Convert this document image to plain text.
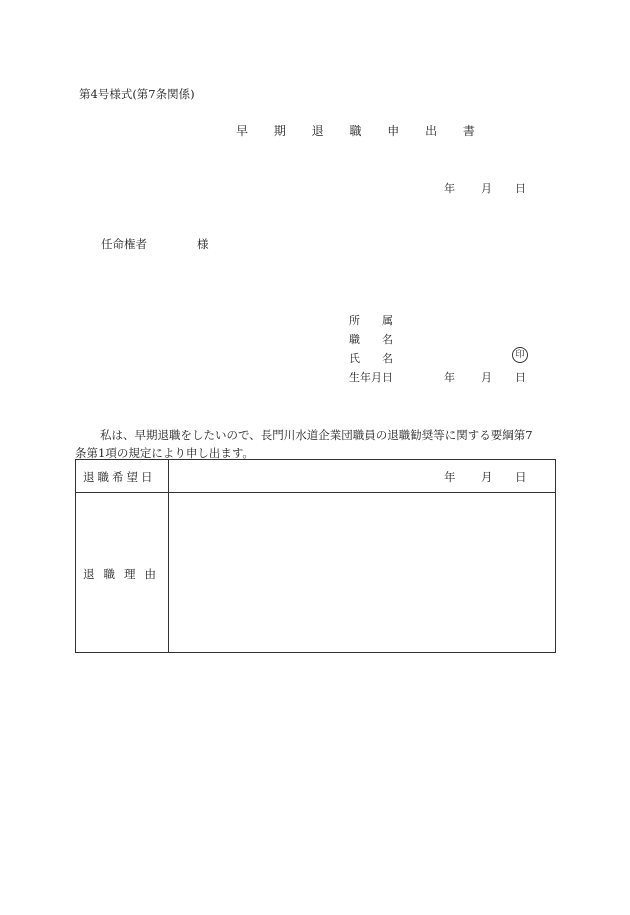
第4号様式(第7条関係)
早 期 退 職 申 出 書
年 月 日
任命権者	様
所　　属
職　　名
氏　　名	印
生年月日	年 月 日
私は、早期退職をしたいので、長門川水道企業団職員の退職勧奨等に関する要綱第7
条第1項の規定により申し出ます。
退職希望日	年 月 日
退職理由
